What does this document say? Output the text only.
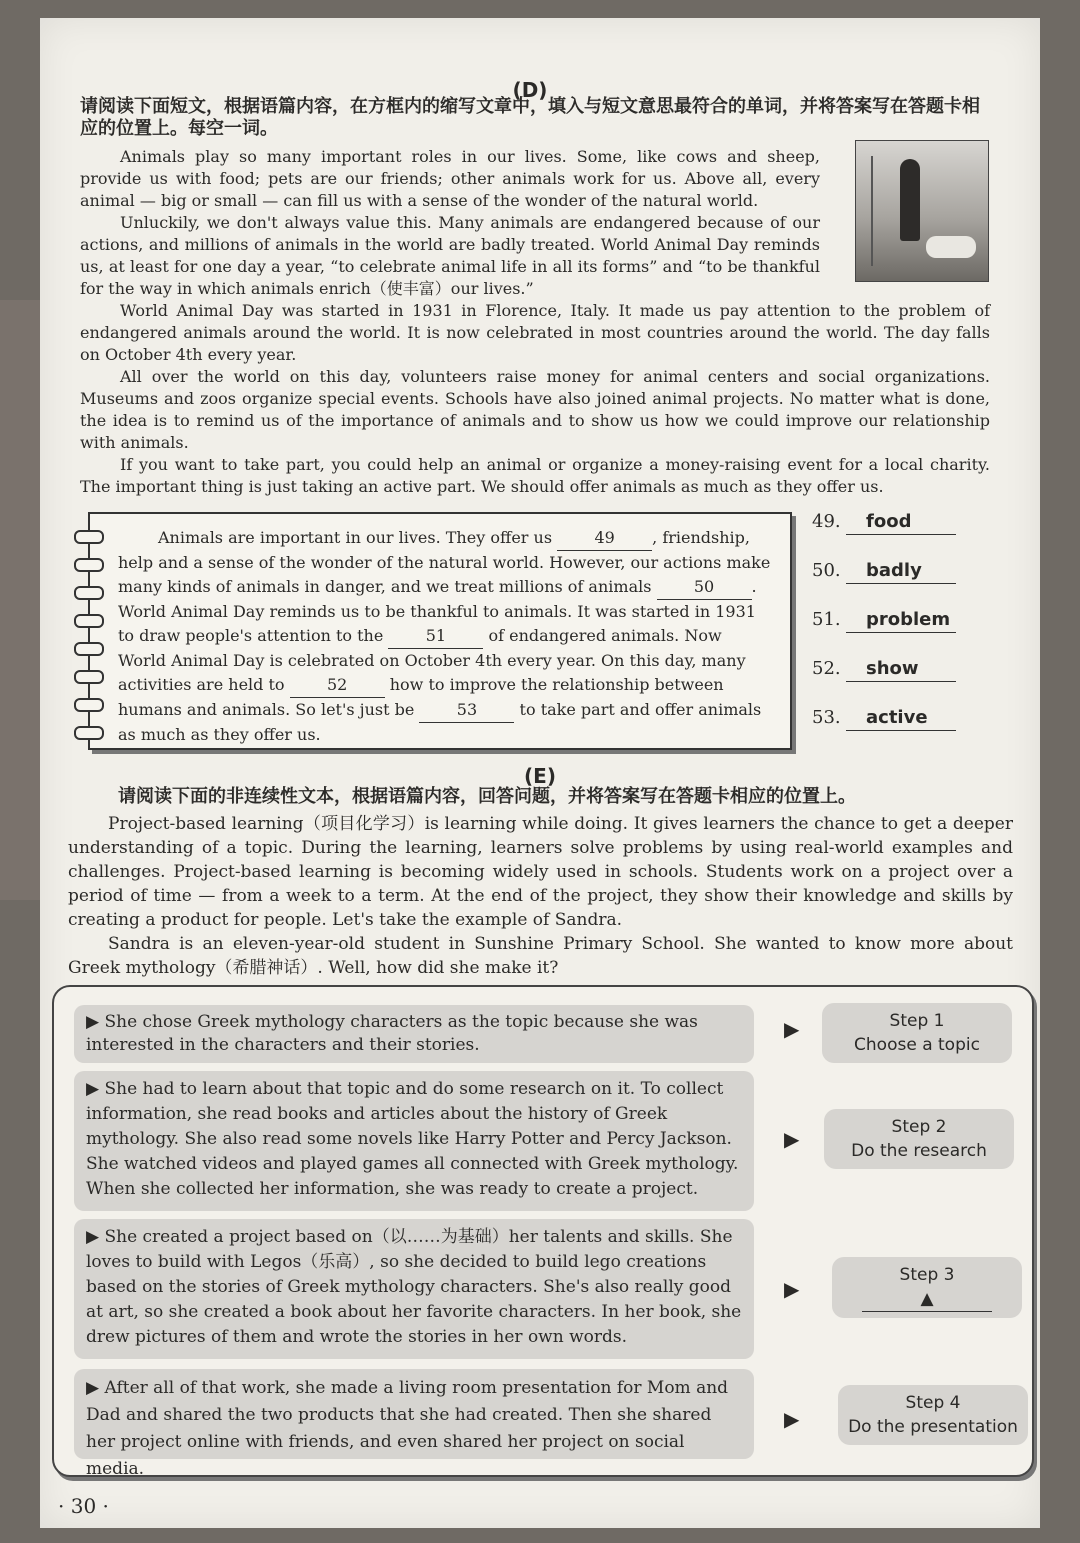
(D)
请阅读下面短文，根据语篇内容，在方框内的缩写文章中，填入与短文意思最符合的单词，并将答案写在答题卡相应的位置上。每空一词。

Animals play so many important roles in our lives. Some, like cows and sheep, provide us with food; pets are our friends; other animals work for us. Above all, every animal — big or small — can fill us with a sense of the wonder of the natural world.

Unluckily, we don't always value this. Many animals are endangered because of our actions, and millions of animals in the world are badly treated. World Animal Day reminds us, at least for one day a year, “to celebrate animal life in all its forms” and “to be thankful for the way in which animals enrich（使丰富）our lives.”

World Animal Day was started in 1931 in Florence, Italy. It made us pay attention to the problem of endangered animals around the world. It is now celebrated in most countries around the world. The day falls on October 4th every year.

All over the world on this day, volunteers raise money for animal centers and social organizations. Museums and zoos organize special events. Schools have also joined animal projects. No matter what is done, the idea is to remind us of the importance of animals and to show us how we could improve our relationship with animals.

If you want to take part, you could help an animal or organize a money-raising event for a local charity. The important thing is just taking an active part. We should offer animals as much as they offer us.

Animals are important in our lives. They offer us	49 , friendship, help and a sense of the wonder of the natural world. However, our actions make many kinds of animals in danger, and we treat millions of animals	50 . World Animal Day reminds us to be thankful to animals. It was started in 1931 to draw people's attention to the	51	of endangered animals. Now World Animal Day is celebrated on October 4th every year. On this day, many activities are held to	52	how to improve the relationship between humans and animals. So let's just be	53	to take part and offer animals as much as they offer us.
49. food
50. badly
51. problem
52. show
53. active
(E)
请阅读下面的非连续性文本，根据语篇内容，回答问题，并将答案写在答题卡相应的位置上。

Project-based learning（项目化学习）is learning while doing. It gives learners the chance to get a deeper understanding of a topic. During the learning, learners solve problems by using real-world examples and challenges. Project-based learning is becoming widely used in schools. Students work on a project over a period of time — from a week to a term. At the end of the project, they show their knowledge and skills by creating a product for people. Let's take the example of Sandra.

Sandra is an eleven-year-old student in Sunshine Primary School. She wanted to know more about Greek mythology（希腊神话）. Well, how did she make it?

▶ She chose Greek mythology characters as the topic because she was interested in the characters and their stories.
▶	Step 1
Choose a topic
▶ She had to learn about that topic and do some research on it. To collect information, she read books and articles about the history of Greek mythology. She also read some novels like Harry Potter and Percy Jackson. She watched videos and played games all connected with Greek mythology. When she collected her information, she was ready to create a project.
▶	Step 2
Do the research
▶ She created a project based on（以……为基础）her talents and skills. She loves to build with Legos（乐高）, so she decided to build lego creations based on the stories of Greek mythology characters. She's also really good at art, so she created a book about her favorite characters. In her book, she drew pictures of them and wrote the stories in her own words.
▶
Step 3
▲
▶ After all of that work, she made a living room presentation for Mom and Dad and shared the two products that she had created. Then she shared her project online with friends, and even shared her project on social media.
▶
Step 4
Do the presentation
· 30 ·
